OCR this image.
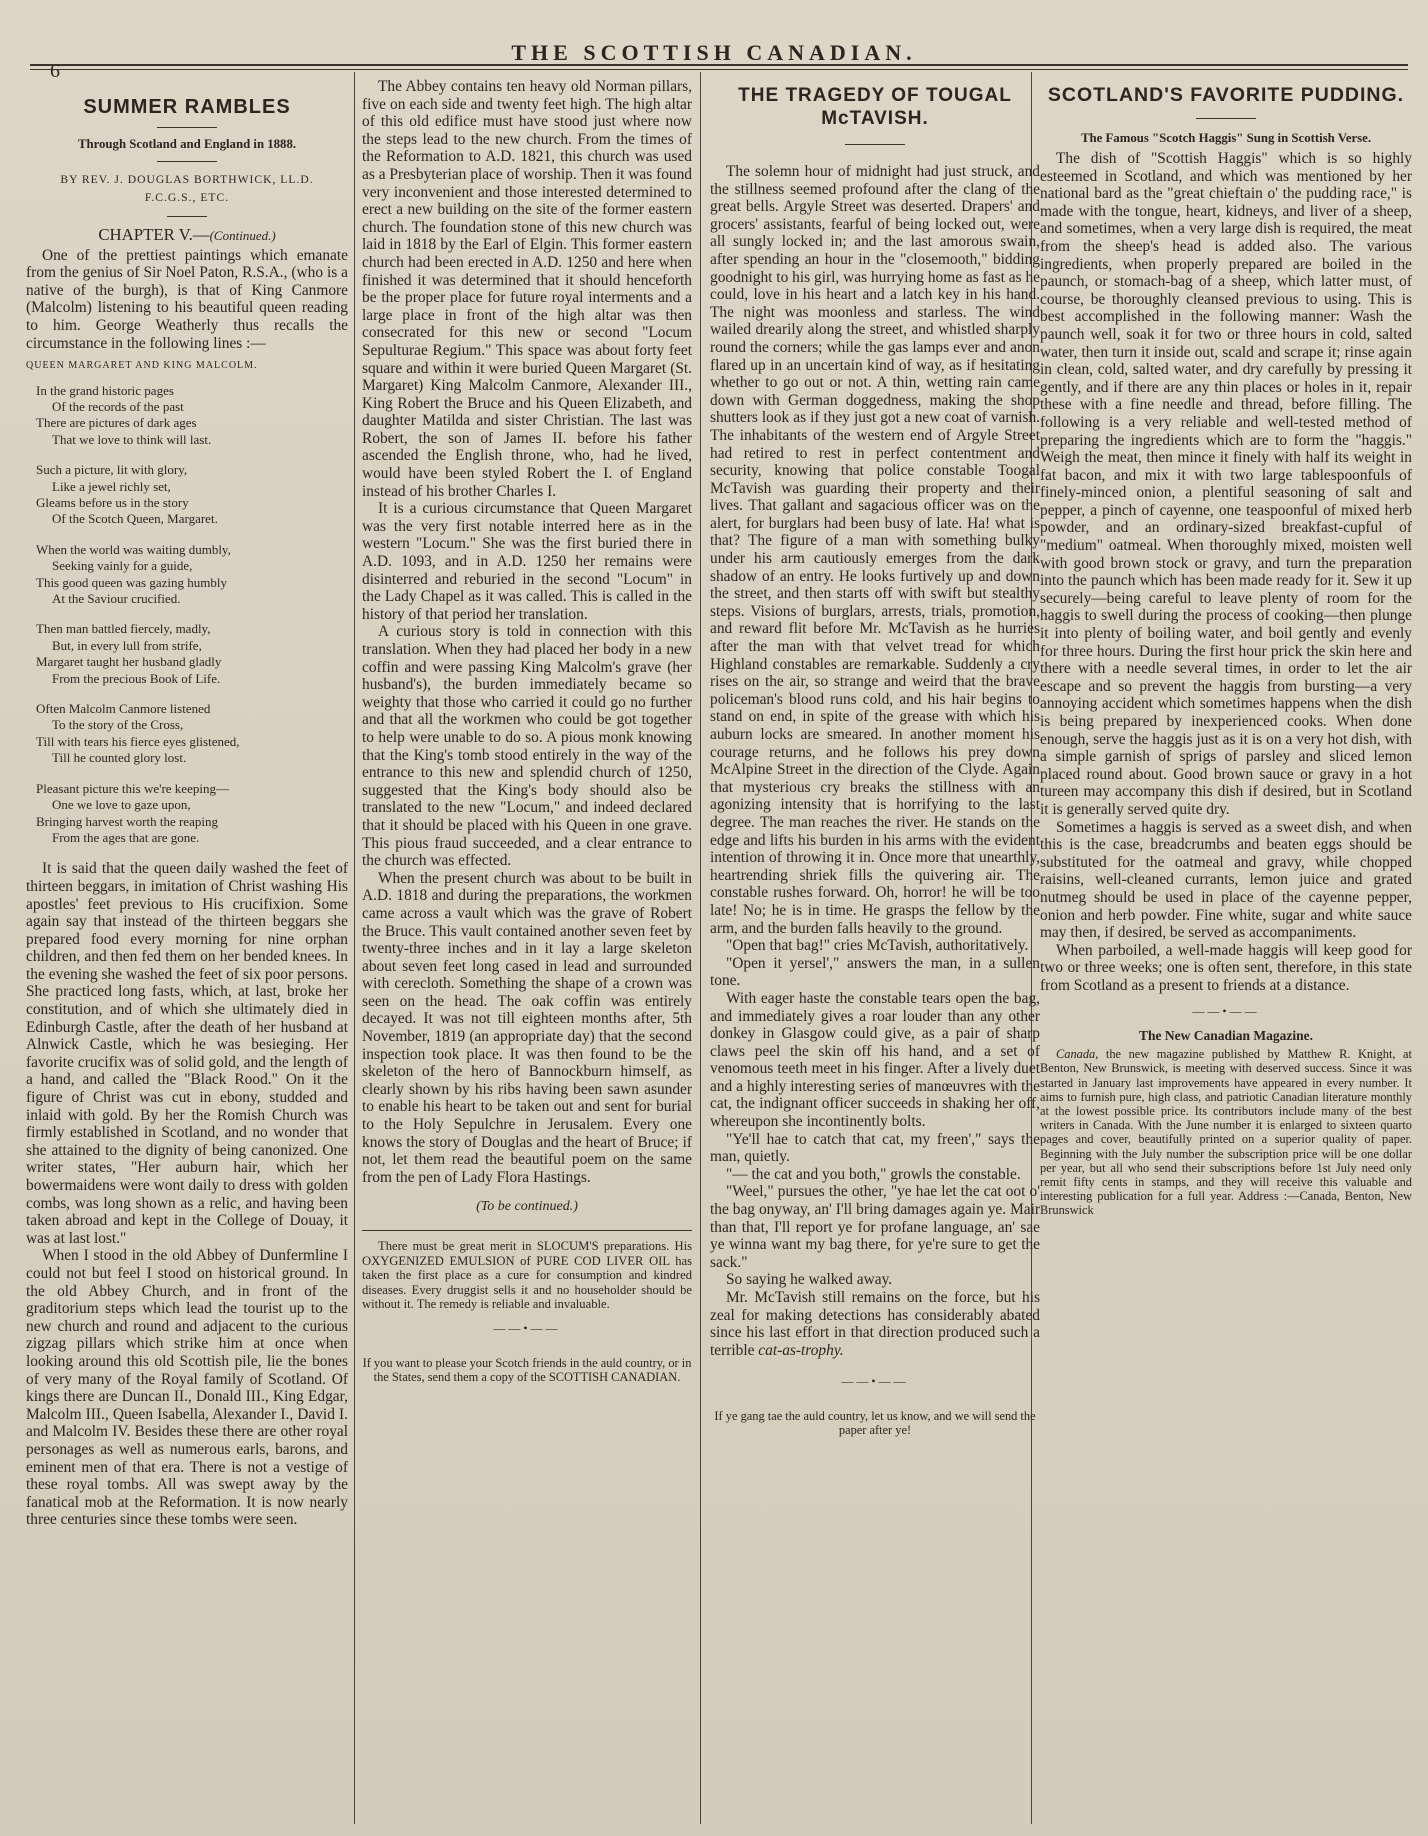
6
THE SCOTTISH CANADIAN.
SUMMER RAMBLES
Through Scotland and England in 1888.
BY REV. J. DOUGLAS BORTHWICK, LL.D.
F.C.G.S., ETC.
CHAPTER V.—(Continued.)

One of the prettiest paintings which emanate from the genius of Sir Noel Paton, R.S.A., (who is a native of the burgh), is that of King Canmore (Malcolm) listening to his beautiful queen reading to him. George Weatherly thus recalls the circumstance in the following lines :—

QUEEN MARGARET AND KING MALCOLM.
In the grand historic pages
Of the records of the past
There are pictures of dark ages
That we love to think will last.
Such a picture, lit with glory,
Like a jewel richly set,
Gleams before us in the story
Of the Scotch Queen, Margaret.
When the world was waiting dumbly,
Seeking vainly for a guide,
This good queen was gazing humbly
At the Saviour crucified.
Then man battled fiercely, madly,
But, in every lull from strife,
Margaret taught her husband gladly
From the precious Book of Life.
Often Malcolm Canmore listened
To the story of the Cross,
Till with tears his fierce eyes glistened,
Till he counted glory lost.
Pleasant picture this we're keeping—
One we love to gaze upon,
Bringing harvest worth the reaping
From the ages that are gone.

It is said that the queen daily washed the feet of thirteen beggars, in imitation of Christ washing His apostles' feet previous to His crucifixion. Some again say that instead of the thirteen beggars she prepared food every morning for nine orphan children, and then fed them on her bended knees. In the evening she washed the feet of six poor persons. She practiced long fasts, which, at last, broke her constitution, and of which she ultimately died in Edinburgh Castle, after the death of her husband at Alnwick Castle, which he was besieging. Her favorite crucifix was of solid gold, and the length of a hand, and called the "Black Rood." On it the figure of Christ was cut in ebony, studded and inlaid with gold. By her the Romish Church was firmly established in Scotland, and no wonder that she attained to the dignity of being canonized. One writer states, "Her auburn hair, which her bowermaidens were wont daily to dress with golden combs, was long shown as a relic, and having been taken abroad and kept in the College of Douay, it was at last lost."

When I stood in the old Abbey of Dunfermline I could not but feel I stood on historical ground. In the old Abbey Church, and in front of the graditorium steps which lead the tourist up to the new church and round and adjacent to the curious zigzag pillars which strike him at once when looking around this old Scottish pile, lie the bones of very many of the Royal family of Scotland. Of kings there are Duncan II., Donald III., King Edgar, Malcolm III., Queen Isabella, Alexander I., David I. and Malcolm IV. Besides these there are other royal personages as well as numerous earls, barons, and eminent men of that era. There is not a vestige of these royal tombs. All was swept away by the fanatical mob at the Reformation. It is now nearly three centuries since these tombs were seen.

The Abbey contains ten heavy old Norman pillars, five on each side and twenty feet high. The high altar of this old edifice must have stood just where now the steps lead to the new church. From the times of the Reformation to A.D. 1821, this church was used as a Presbyterian place of worship. Then it was found very inconvenient and those interested determined to erect a new building on the site of the former eastern church. The foundation stone of this new church was laid in 1818 by the Earl of Elgin. This former eastern church had been erected in A.D. 1250 and here when finished it was determined that it should henceforth be the proper place for future royal interments and a large place in front of the high altar was then consecrated for this new or second "Locum Sepulturae Regium." This space was about forty feet square and within it were buried Queen Margaret (St. Margaret) King Malcolm Canmore, Alexander III., King Robert the Bruce and his Queen Elizabeth, and daughter Matilda and sister Christian. The last was Robert, the son of James II. before his father ascended the English throne, who, had he lived, would have been styled Robert the I. of England instead of his brother Charles I.

It is a curious circumstance that Queen Margaret was the very first notable interred here as in the western "Locum." She was the first buried there in A.D. 1093, and in A.D. 1250 her remains were disinterred and reburied in the second "Locum" in the Lady Chapel as it was called. This is called in the history of that period her translation.

A curious story is told in connection with this translation. When they had placed her body in a new coffin and were passing King Malcolm's grave (her husband's), the burden immediately became so weighty that those who carried it could go no further and that all the workmen who could be got together to help were unable to do so. A pious monk knowing that the King's tomb stood entirely in the way of the entrance to this new and splendid church of 1250, suggested that the King's body should also be translated to the new "Locum," and indeed declared that it should be placed with his Queen in one grave. This pious fraud succeeded, and a clear entrance to the church was effected.

When the present church was about to be built in A.D. 1818 and during the preparations, the workmen came across a vault which was the grave of Robert the Bruce. This vault contained another seven feet by twenty-three inches and in it lay a large skeleton about seven feet long cased in lead and surrounded with cerecloth. Something the shape of a crown was seen on the head. The oak coffin was entirely decayed. It was not till eighteen months after, 5th November, 1819 (an appropriate day) that the second inspection took place. It was then found to be the skeleton of the hero of Bannockburn himself, as clearly shown by his ribs having been sawn asunder to enable his heart to be taken out and sent for burial to the Holy Sepulchre in Jerusalem. Every one knows the story of Douglas and the heart of Bruce; if not, let them read the beautiful poem on the same from the pen of Lady Flora Hastings.

(To be continued.)

There must be great merit in SLOCUM'S preparations. His OXYGENIZED EMULSION of PURE COD LIVER OIL has taken the first place as a cure for consumption and kindred diseases. Every druggist sells it and no householder should be without it. The remedy is reliable and invaluable.

——•——
If you want to please your Scotch friends in the auld country, or in the States, send them a copy of the SCOTTISH CANADIAN.
THE TRAGEDY OF TOUGAL McTAVISH.

The solemn hour of midnight had just struck, and the stillness seemed profound after the clang of the great bells. Argyle Street was deserted. Drapers' and grocers' assistants, fearful of being locked out, were all sungly locked in; and the last amorous swain, after spending an hour in the "closemooth," bidding goodnight to his girl, was hurrying home as fast as he could, love in his heart and a latch key in his hand. The night was moonless and starless. The wind wailed drearily along the street, and whistled sharply round the corners; while the gas lamps ever and anon flared up in an uncertain kind of way, as if hesitating whether to go out or not. A thin, wetting rain came down with German doggedness, making the shop shutters look as if they just got a new coat of varnish. The inhabitants of the western end of Argyle Street had retired to rest in perfect contentment and security, knowing that police constable Toogal McTavish was guarding their property and their lives. That gallant and sagacious officer was on the alert, for burglars had been busy of late. Ha! what is that? The figure of a man with something bulky under his arm cautiously emerges from the dark shadow of an entry. He looks furtively up and down the street, and then starts off with swift but stealthy steps. Visions of burglars, arrests, trials, promotion, and reward flit before Mr. McTavish as he hurries after the man with that velvet tread for which Highland constables are remarkable. Suddenly a cry rises on the air, so strange and weird that the brave policeman's blood runs cold, and his hair begins to stand on end, in spite of the grease with which his auburn locks are smeared. In another moment his courage returns, and he follows his prey down McAlpine Street in the direction of the Clyde. Again that mysterious cry breaks the stillness with an agonizing intensity that is horrifying to the last degree. The man reaches the river. He stands on the edge and lifts his burden in his arms with the evident intention of throwing it in. Once more that unearthly, heartrending shriek fills the quivering air. The constable rushes forward. Oh, horror! he will be too late! No; he is in time. He grasps the fellow by the arm, and the burden falls heavily to the ground.

"Open that bag!" cries McTavish, authoritatively.

"Open it yersel'," answers the man, in a sullen tone.

With eager haste the constable tears open the bag, and immediately gives a roar louder than any other donkey in Glasgow could give, as a pair of sharp claws peel the skin off his hand, and a set of venomous teeth meet in his finger. After a lively duet and a highly interesting series of manœuvres with the cat, the indignant officer succeeds in shaking her off, whereupon she incontinently bolts.

"Ye'll hae to catch that cat, my freen'," says the man, quietly.

"— the cat and you both," growls the constable.

"Weel," pursues the other, "ye hae let the cat oot o' the bag onyway, an' I'll bring damages again ye. Mair than that, I'll report ye for profane language, an' sae ye winna want my bag there, for ye're sure to get the sack."

So saying he walked away.

Mr. McTavish still remains on the force, but his zeal for making detections has considerably abated since his last effort in that direction produced such a terrible cat-as-trophy.

——•——
If ye gang tae the auld country, let us know, and we will send the paper after ye!
SCOTLAND'S FAVORITE PUDDING.
The Famous "Scotch Haggis" Sung in Scottish Verse.

The dish of "Scottish Haggis" which is so highly esteemed in Scotland, and which was mentioned by her national bard as the "great chieftain o' the pudding race," is made with the tongue, heart, kidneys, and liver of a sheep, and sometimes, when a very large dish is required, the meat from the sheep's head is added also. The various ingredients, when properly prepared are boiled in the paunch, or stomach-bag of a sheep, which latter must, of course, be thoroughly cleansed previous to using. This is best accomplished in the following manner: Wash the paunch well, soak it for two or three hours in cold, salted water, then turn it inside out, scald and scrape it; rinse again in clean, cold, salted water, and dry carefully by pressing it gently, and if there are any thin places or holes in it, repair these with a fine needle and thread, before filling. The following is a very reliable and well-tested method of preparing the ingredients which are to form the "haggis." Weigh the meat, then mince it finely with half its weight in fat bacon, and mix it with two large tablespoonfuls of finely-minced onion, a plentiful seasoning of salt and pepper, a pinch of cayenne, one teaspoonful of mixed herb powder, and an ordinary-sized breakfast-cupful of "medium" oatmeal. When thoroughly mixed, moisten well with good brown stock or gravy, and turn the preparation into the paunch which has been made ready for it. Sew it up securely—being careful to leave plenty of room for the haggis to swell during the process of cooking—then plunge it into plenty of boiling water, and boil gently and evenly for three hours. During the first hour prick the skin here and there with a needle several times, in order to let the air escape and so prevent the haggis from bursting—a very annoying accident which sometimes happens when the dish is being prepared by inexperienced cooks. When done enough, serve the haggis just as it is on a very hot dish, with a simple garnish of sprigs of parsley and sliced lemon placed round about. Good brown sauce or gravy in a hot tureen may accompany this dish if desired, but in Scotland it is generally served quite dry.

Sometimes a haggis is served as a sweet dish, and when this is the case, breadcrumbs and beaten eggs should be substituted for the oatmeal and gravy, while chopped raisins, well-cleaned currants, lemon juice and grated nutmeg should be used in place of the cayenne pepper, onion and herb powder. Fine white, sugar and white sauce may then, if desired, be served as accompaniments.

When parboiled, a well-made haggis will keep good for two or three weeks; one is often sent, therefore, in this state from Scotland as a present to friends at a distance.

——•——
The New Canadian Magazine.

Canada, the new magazine published by Matthew R. Knight, at Benton, New Brunswick, is meeting with deserved success. Since it was started in January last improvements have appeared in every number. It aims to furnish pure, high class, and patriotic Canadian literature monthly at the lowest possible price. Its contributors include many of the best writers in Canada. With the June number it is enlarged to sixteen quarto pages and cover, beautifully printed on a superior quality of paper. Beginning with the July number the subscription price will be one dollar per year, but all who send their subscriptions before 1st July need only remit fifty cents in stamps, and they will receive this valuable and interesting publication for a full year. Address :—Canada, Benton, New Brunswick
